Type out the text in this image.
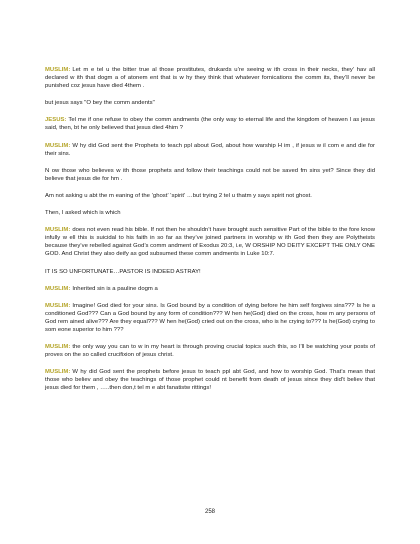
MUSLIM: Let m e tel u the bitter true al those prostitutes, drukards u’re seeing w ith cross in their necks, they’ hav all declared w ith that dogm a of atonem ent that is w hy they think that whatever fornications the comm its, they’ll never be punished coz jesus have died 4them .

but jesus says "O bey the comm andents"

JESUS: Tel me if one refuse to obey the comm andments (the only way to eternal life and the kingdom of heaven l as jesus said, then, bt he only believed that jesus died 4him ?

MUSLIM: W hy did God sent the Prophets to teach ppl about God, about how warship H im , if jesus w il com e and die for their sins.

N ow those who believes w ith those prophets and follow their teachings could not be saved fm sins yet? Since they did believe that jesus die for hm .

Am not asking u abt the m eaning of the ‘ghost’ ‘spirit’ …but trying 2 tel u thatm y says spirit not ghost.

Then, I asked which is which

MUSLIM: does not even read his bible. If not then he shouldn’t have brought such sensitive Part of the bible to the fore know infully w ell this is suicidal to his faith in so far as they’ve joined partners in worship w ith God then they are Polytheists because they’ve rebelled against God’s comm andment of Exodus 20:3, i.e, W ORSHIP NO DEITY EXCEPT THE ONLY ONE GOD. And Christ they also deify as god subsumed these comm andments in Luke 10:7.

IT IS SO UNFORTUNATE…PASTOR IS INDEED ASTRAY!

MUSLIM: Inherited sin is a pauline dogm a

MUSLIM: Imagine! God died for your sins. Is God bound by a condition of dying before he him self forgives sins??? Is he a conditioned God??? Can a God bound by any form of condition??? W hen he(God) died on the cross, how m any persons of God rem ained alive??? Are they equal??? W hen he(God) cried out on the cross, who is he crying to??? Is he(God) crying to som eone superior to him ???

MUSLIM: the only way you can to w in my heart is through proving crucial topics such this, so I’ll be watching your posts of proves on the so called crucifixion of jesus christ.

MUSLIM: W hy did God sent the prophets before jesus to teach ppl abt God, and how to worship God. That’s mean that those who believ and obey the teachings of those prophet could nt benefit from death of jesus since they did’t believ that jesus died for them , …..then don,t tel m e abt fanatistw rittings!

258
